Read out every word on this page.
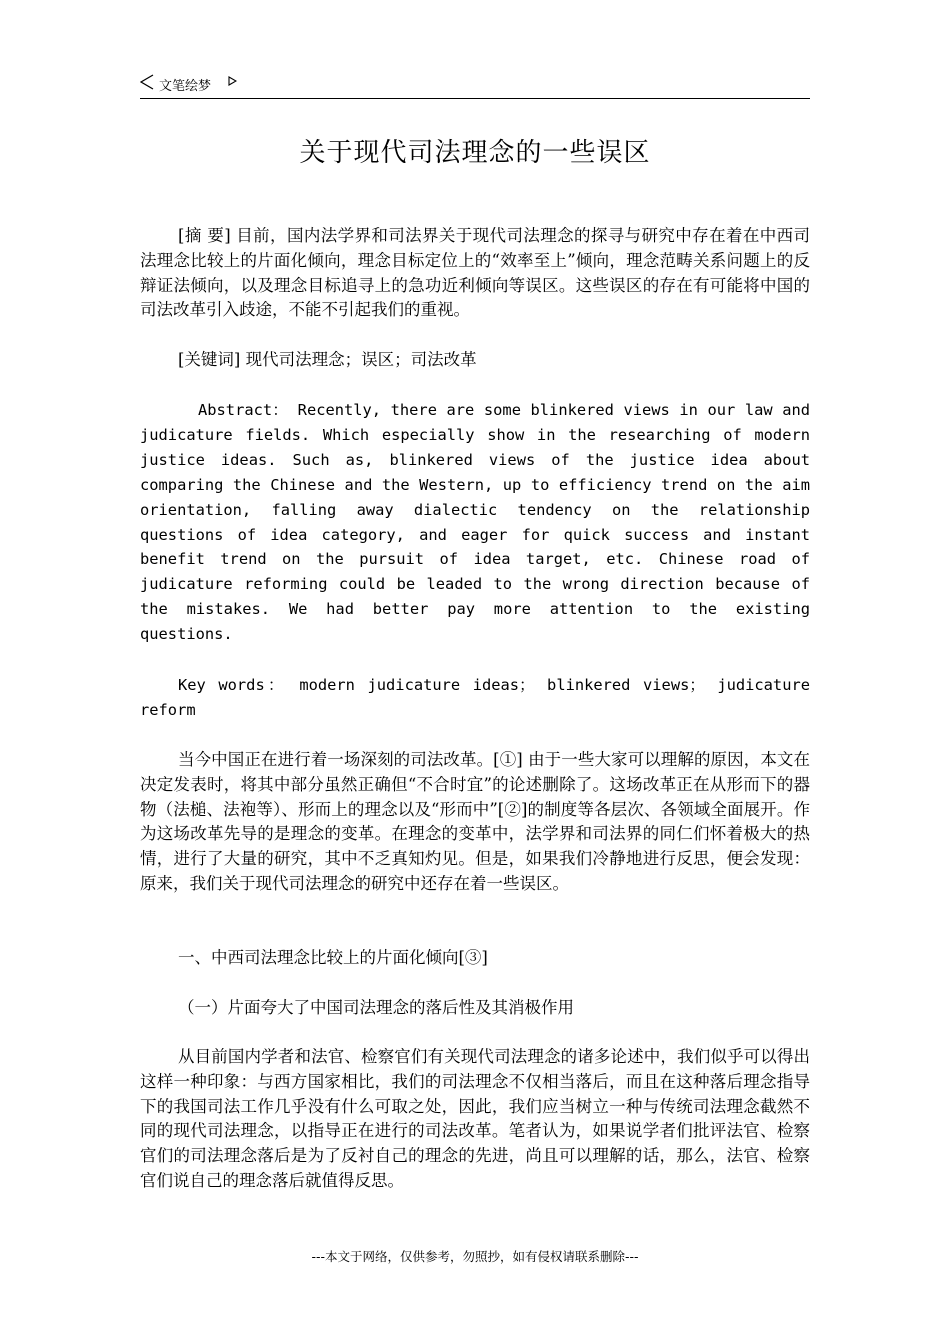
文笔绘梦
关于现代司法理念的一些误区
[摘 要] 目前，国内法学界和司法界关于现代司法理念的探寻与研究中存在着在中西司法理念比较上的片面化倾向，理念目标定位上的“效率至上”倾向，理念范畴关系问题上的反辩证法倾向，以及理念目标追寻上的急功近利倾向等误区。这些误区的存在有可能将中国的司法改革引入歧途，不能不引起我们的重视。
[关键词] 现代司法理念；误区；司法改革
Abstract： Recently, there are some blinkered views in our law and judicature fields. Which especially show in the researching of modern justice ideas. Such as, blinkered views of the justice idea about comparing the Chinese and the Western, up to efficiency trend on the aim orientation, falling away dialectic tendency on the relationship questions of idea category, and eager for quick success and instant benefit trend on the pursuit of idea target, etc. Chinese road of judicature reforming could be leaded to the wrong direction because of the mistakes. We had better pay more attention to the existing questions.
Key words： modern judicature ideas； blinkered views； judicature reform
当今中国正在进行着一场深刻的司法改革。[①] 由于一些大家可以理解的原因，本文在决定发表时，将其中部分虽然正确但“不合时宜”的论述删除了。这场改革正在从形而下的器物（法槌、法袍等）、形而上的理念以及“形而中”[②]的制度等各层次、各领域全面展开。作为这场改革先导的是理念的变革。在理念的变革中，法学界和司法界的同仁们怀着极大的热情，进行了大量的研究，其中不乏真知灼见。但是，如果我们冷静地进行反思，便会发现：原来，我们关于现代司法理念的研究中还存在着一些误区。
一、中西司法理念比较上的片面化倾向[③]
（一）片面夸大了中国司法理念的落后性及其消极作用
从目前国内学者和法官、检察官们有关现代司法理念的诸多论述中，我们似乎可以得出这样一种印象：与西方国家相比，我们的司法理念不仅相当落后，而且在这种落后理念指导下的我国司法工作几乎没有什么可取之处，因此，我们应当树立一种与传统司法理念截然不同的现代司法理念，以指导正在进行的司法改革。笔者认为，如果说学者们批评法官、检察官们的司法理念落后是为了反衬自己的理念的先进，尚且可以理解的话，那么，法官、检察官们说自己的理念落后就值得反思。
---本文于网络，仅供参考，勿照抄，如有侵权请联系删除---
